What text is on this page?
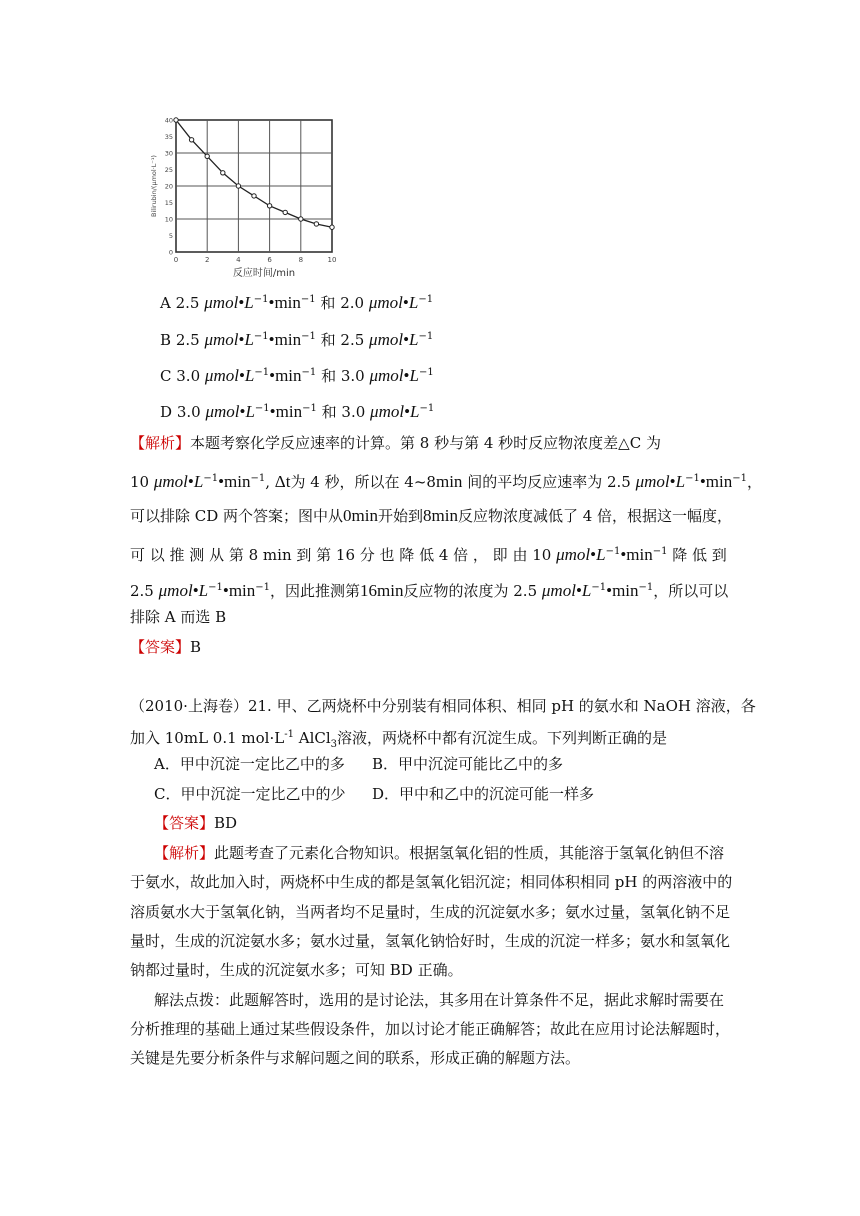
0	2	4	6	8	10
0
5
10
15
20
25
30
35
40
反应时间/min
Bilirubin/(μmol·L⁻¹)
A 2.5 $\mu mol•L^{-1}•\min^{-1}$ 和 2.0 $\mu mol•L^{-1}$
B 2.5 $\mu mol•L^{-1}•\min^{-1}$ 和 2.5 $\mu mol•L^{-1}$
C 3.0 $\mu mol•L^{-1}•\min^{-1}$ 和 3.0 $\mu mol•L^{-1}$
D 3.0 $\mu mol•L^{-1}•\min^{-1}$ 和 3.0 $\mu mol•L^{-1}$
【解析】本题考察化学反应速率的计算。第 8 秒与第 4 秒时反应物浓度差△C 为
10 $\mu mol•L^{-1}•\min^{-1}$, Δt为 4 秒，所以在 4~8min 间的平均反应速率为 2.5 $\mu mol•L^{-1}•\min^{-1}$，
可以排除 CD 两个答案；图中从0min开始到8min反应物浓度减低了 4 倍，根据这一幅度，
可 以 推 测 从 第 8 min 到 第 16 分 也 降 低 4 倍 ， 即 由 10 $\mu mol•L^{-1}•\min^{-1}$ 降 低 到
2.5 $\mu mol•L^{-1}•\min^{-1}$，因此推测第16min反应物的浓度为 2.5 $\mu mol•L^{-1}•\min^{-1}$，所以可以
排除 A 而选 B
【答案】B
（2010·上海卷）21. 甲、乙两烧杯中分别装有相同体积、相同 pH 的氨水和 NaOH 溶液，各
加入 10mL 0.1 $mol\cdot L^{-1}$ AlCl$_3$溶液，两烧杯中都有沉淀生成。下列判断正确的是
A．甲中沉淀一定比乙中的多 B．甲中沉淀可能比乙中的多
C．甲中沉淀一定比乙中的少 D．甲中和乙中的沉淀可能一样多
【答案】BD
【解析】此题考查了元素化合物知识。根据氢氧化铝的性质，其能溶于氢氧化钠但不溶
于氨水，故此加入时，两烧杯中生成的都是氢氧化铝沉淀；相同体积相同 pH 的两溶液中的
溶质氨水大于氢氧化钠，当两者均不足量时，生成的沉淀氨水多；氨水过量，氢氧化钠不足
量时，生成的沉淀氨水多；氨水过量，氢氧化钠恰好时，生成的沉淀一样多；氨水和氢氧化
钠都过量时，生成的沉淀氨水多；可知 BD 正确。
解法点拨：此题解答时，选用的是讨论法，其多用在计算条件不足，据此求解时需要在
分析推理的基础上通过某些假设条件，加以讨论才能正确解答；故此在应用讨论法解题时，
关键是先要分析条件与求解问题之间的联系，形成正确的解题方法。
